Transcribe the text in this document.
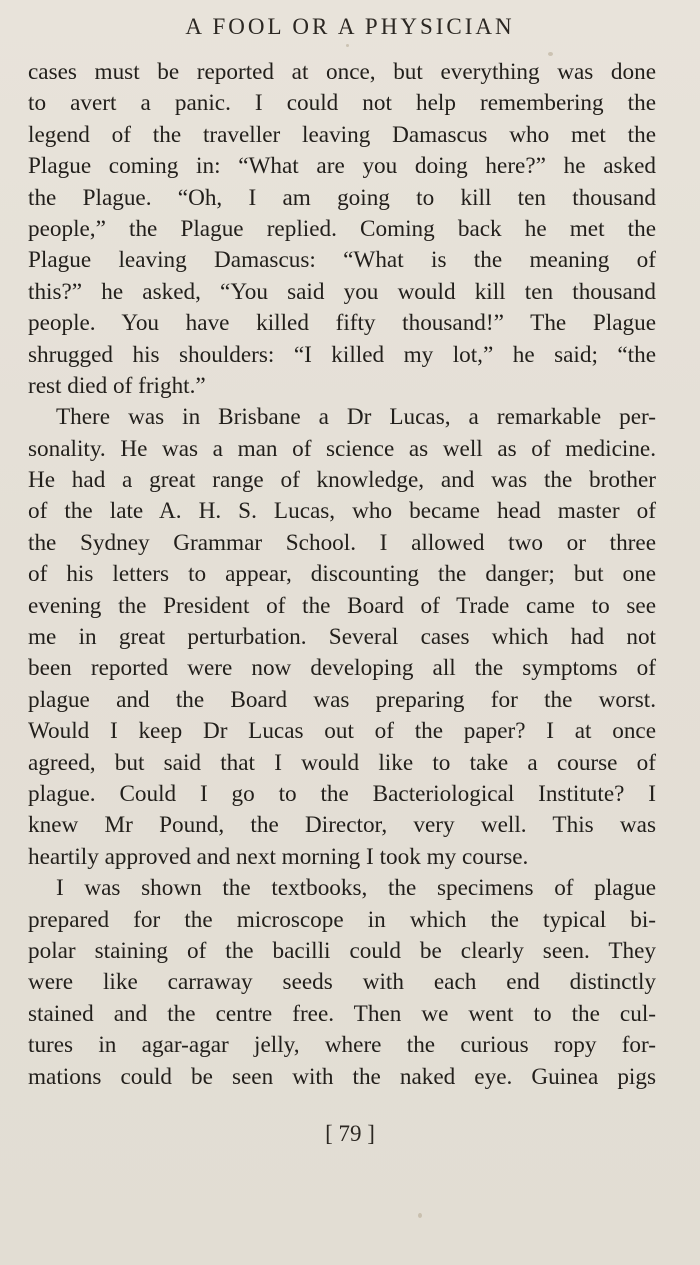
A FOOL OR A PHYSICIAN
cases must be reported at once, but everything was done
to avert a panic. I could not help remembering the
legend of the traveller leaving Damascus who met the
Plague coming in: “What are you doing here?” he asked
the Plague. “Oh, I am going to kill ten thousand
people,” the Plague replied. Coming back he met the
Plague leaving Damascus: “What is the meaning of
this?” he asked, “You said you would kill ten thousand
people. You have killed fifty thousand!” The Plague
shrugged his shoulders: “I killed my lot,” he said; “the
rest died of fright.”
There was in Brisbane a Dr Lucas, a remarkable per-
sonality. He was a man of science as well as of medicine.
He had a great range of knowledge, and was the brother
of the late A. H. S. Lucas, who became head master of
the Sydney Grammar School. I allowed two or three
of his letters to appear, discounting the danger; but one
evening the President of the Board of Trade came to see
me in great perturbation. Several cases which had not
been reported were now developing all the symptoms of
plague and the Board was preparing for the worst.
Would I keep Dr Lucas out of the paper? I at once
agreed, but said that I would like to take a course of
plague. Could I go to the Bacteriological Institute? I
knew Mr Pound, the Director, very well. This was
heartily approved and next morning I took my course.
I was shown the textbooks, the specimens of plague
prepared for the microscope in which the typical bi-
polar staining of the bacilli could be clearly seen. They
were like carraway seeds with each end distinctly
stained and the centre free. Then we went to the cul-
tures in agar-agar jelly, where the curious ropy for-
mations could be seen with the naked eye. Guinea pigs
[ 79 ]
